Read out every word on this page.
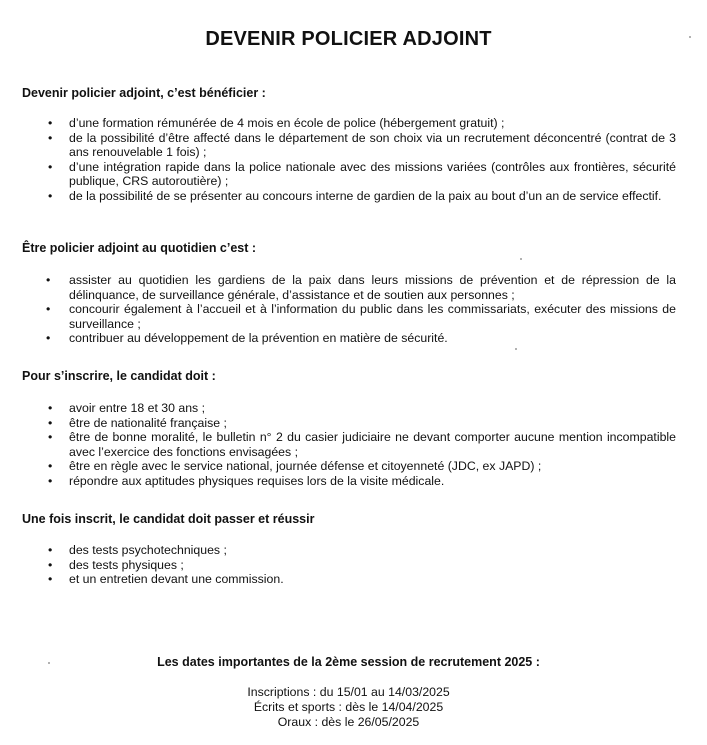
DEVENIR POLICIER ADJOINT
Devenir policier adjoint, c’est bénéficier :
• d’une formation rémunérée de 4 mois en école de police (hébergement gratuit) ;
• de la possibilité d’être affecté dans le département de son choix via un recrutement déconcentré (contrat de 3 ans renouvelable 1 fois) ;
• d’une intégration rapide dans la police nationale avec des missions variées (contrôles aux frontières, sécurité publique, CRS autoroutière) ;
• de la possibilité de se présenter au concours interne de gardien de la paix au bout d’un an de service effectif.
Être policier adjoint au quotidien c’est :
• assister au quotidien les gardiens de la paix dans leurs missions de prévention et de répression de la délinquance, de surveillance générale, d’assistance et de soutien aux personnes ;
• concourir également à l’accueil et à l’information du public dans les commissariats, exécuter des missions de surveillance ;
• contribuer au développement de la prévention en matière de sécurité.
Pour s’inscrire, le candidat doit :
• avoir entre 18 et 30 ans ;
• être de nationalité française ;
• être de bonne moralité, le bulletin n° 2 du casier judiciaire ne devant comporter aucune mention incompatible avec l’exercice des fonctions envisagées ;
• être en règle avec le service national, journée défense et citoyenneté (JDC, ex JAPD) ;
• répondre aux aptitudes physiques requises lors de la visite médicale.
Une fois inscrit, le candidat doit passer et réussir
• des tests psychotechniques ;
• des tests physiques ;
• et un entretien devant une commission.
Les dates importantes de la 2ème session de recrutement 2025 :
Inscriptions : du 15/01 au 14/03/2025
Écrits et sports : dès le 14/04/2025
Oraux : dès le 26/05/2025
